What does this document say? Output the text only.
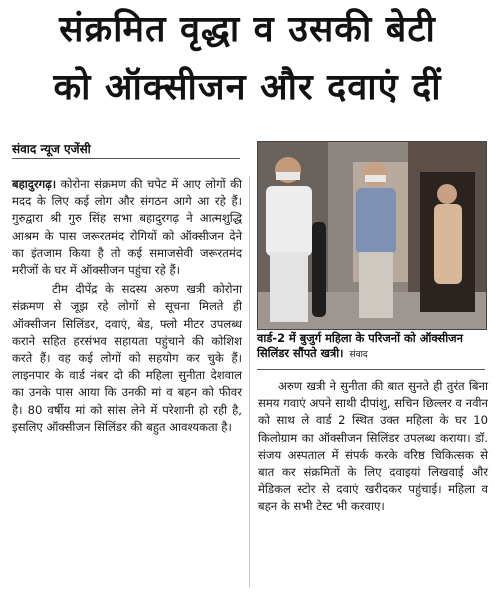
संक्रमित वृद्धा व उसकी बेटी
को ऑक्सीजन और दवाएं दीं
संवाद न्यूज एजेंसी

बहादुरगढ़। कोरोना संक्रमण की चपेट में आए लोगों की मदद के लिए कई लोग और संगठन आगे आ रहे हैं। गुरुद्वारा श्री गुरु सिंह सभा बहादुरगढ़ ने आत्मशुद्धि आश्रम के पास जरूरतमंद रोगियों को ऑक्सीजन देने का इंतजाम किया है तो कई समाजसेवी जरूरतमंद मरीजों के घर में ऑक्सीजन पहुंचा रहे हैं।

टीम दीपेंद्र के सदस्य अरुण खत्री कोरोना संक्रमण से जूझ रहे लोगों से सूचना मिलते ही ऑक्सीजन सिलिंडर, दवाएं, बेड, फ्लो मीटर उपलब्ध कराने सहित हरसंभव सहायता पहुंचाने की कोशिश करते हैं। वह कई लोगों को सहयोग कर चुके हैं। लाइनपार के वार्ड नंबर दो की महिला सुनीता देशवाल का उनके पास आया कि उनकी मां व बहन को फीवर है। 80 वर्षीय मां को सांस लेने में परेशानी हो रही है, इसलिए ऑक्सीजन सिलिंडर की बहुत आवश्यकता है।

वार्ड-2 में बुजुर्ग महिला के परिजनों को ऑक्सीजन सिलिंडर सौंपते खत्री। संवाद

अरुण खत्री ने सुनीता की बात सुनते ही तुरंत बिना समय गवाएं अपने साथी दीपांशु, सचिन छिल्लर व नवीन को साथ ले वार्ड 2 स्थित उक्त महिला के घर 10 किलोग्राम का ऑक्सीजन सिलिंडर उपलब्ध कराया। डॉ. संजय अस्पताल में संपर्क करके वरिष्ठ चिकित्सक से बात कर संक्रमितों के लिए दवाइयां लिखवाई और मेडिकल स्टोर से दवाएं खरीदकर पहुंचाई। महिला व बहन के सभी टेस्ट भी करवाए।
